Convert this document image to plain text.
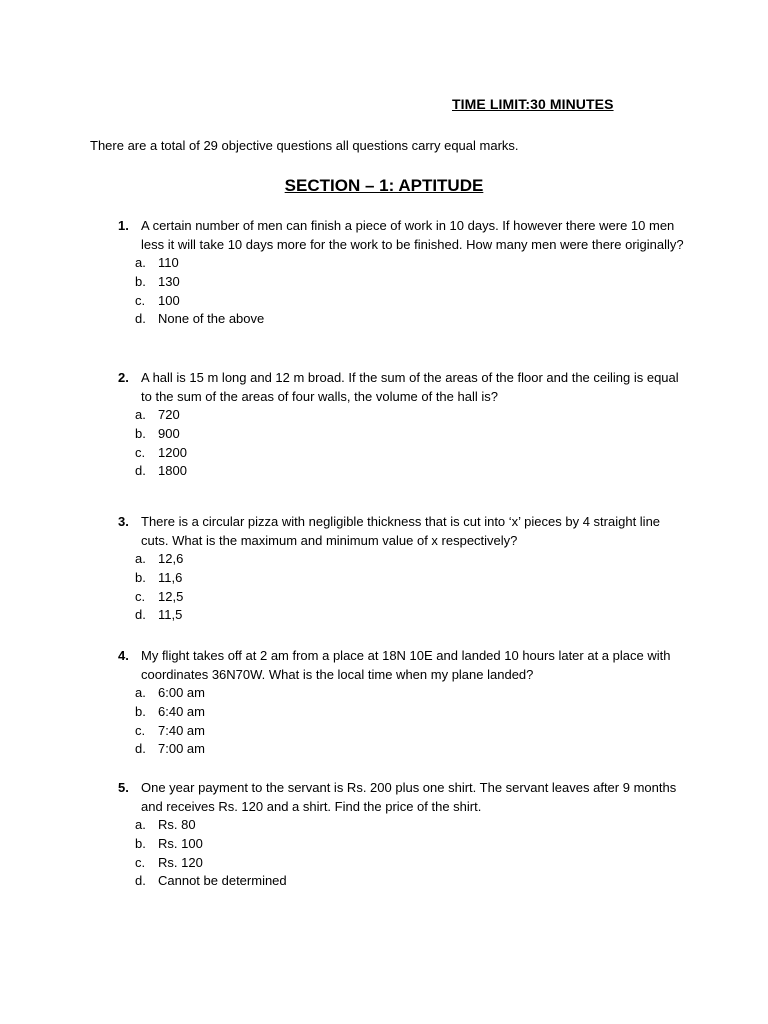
TIME LIMIT:30 MINUTES
There are a total of 29 objective questions all questions carry equal marks.
SECTION – 1: APTITUDE
1. A certain number of men can finish a piece of work in 10 days. If however there were 10 men less it will take 10 days more for the work to be finished. How many men were there originally?
a. 110
b. 130
c. 100
d. None of the above
2. A hall is 15 m long and 12 m broad. If the sum of the areas of the floor and the ceiling is equal to the sum of the areas of four walls, the volume of the hall is?
a. 720
b. 900
c. 1200
d. 1800
3. There is a circular pizza with negligible thickness that is cut into ‘x’ pieces by 4 straight line cuts. What is the maximum and minimum value of x respectively?
a. 12,6
b. 11,6
c. 12,5
d. 11,5
4. My flight takes off at 2 am from a place at 18N 10E and landed 10 hours later at a place with coordinates 36N70W. What is the local time when my plane landed?
a. 6:00 am
b. 6:40 am
c. 7:40 am
d. 7:00 am
5. One year payment to the servant is Rs. 200 plus one shirt. The servant leaves after 9 months and receives Rs. 120 and a shirt. Find the price of the shirt.
a. Rs. 80
b. Rs. 100
c. Rs. 120
d. Cannot be determined
